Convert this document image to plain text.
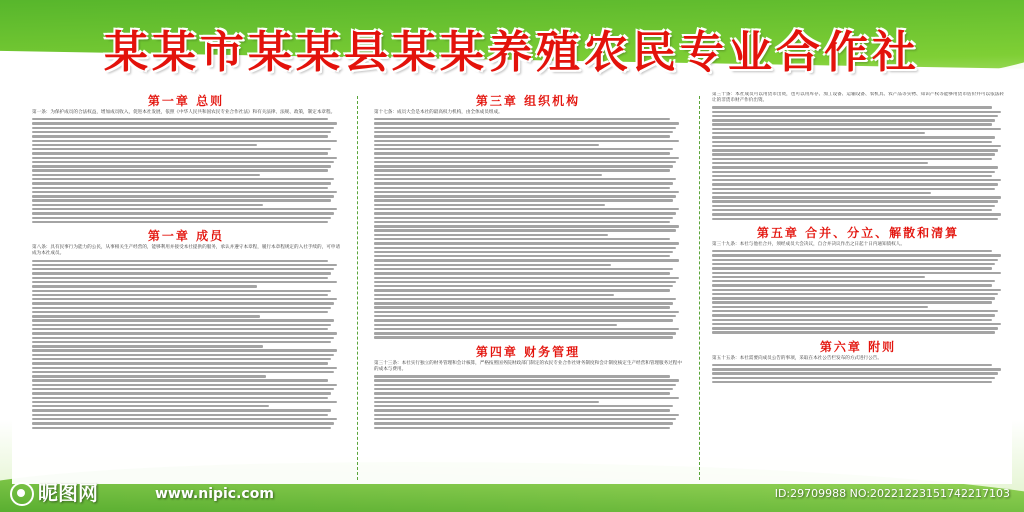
某某市某某县某某养殖农民专业合作社
第一章 总则

第一条：为保护成员的合法权益，增加成员收入，促进本社发展，依照《中华人民共和国农民专业合作社法》和有关法律、法规、政策，制定本章程。

第一章 成员

第八条：具有民事行为能力的公民，从事相关生产经营的，能够利用并接受本社提供的服务，承认并遵守本章程，履行本章程规定的入社手续的，可申请成为本社成员。

第三章 组织机构

第十七条：成员大会是本社的最高权力机构，由全体成员组成。

第四章 财务管理

第三十三条：本社实行独立的财务管理和会计核算，严格按照国务院财政部门制定的农民专业合作社财务制度和会计制度核定生产经营和管理服务过程中的成本与费用。

第三十条：本社成员可以用货币出资，也可以用库存、加工设备、运输设备、农机具、农产品等实物、知识产权等能够用货币估价并可以依法转让的非货币财产作价出资。

第五章 合并、分立、解散和清算

第三十九条：本社与他社合并，须经成员大会决议，自合并决议作出之日起十日内通知债权人。

第六章 附则

第五十五条：本社需要向成员公告的事项，采取在本社公告栏发布的方式进行公告。

昵图网	www.nipic.com	ID:29709988 NO:20221223151742217103
